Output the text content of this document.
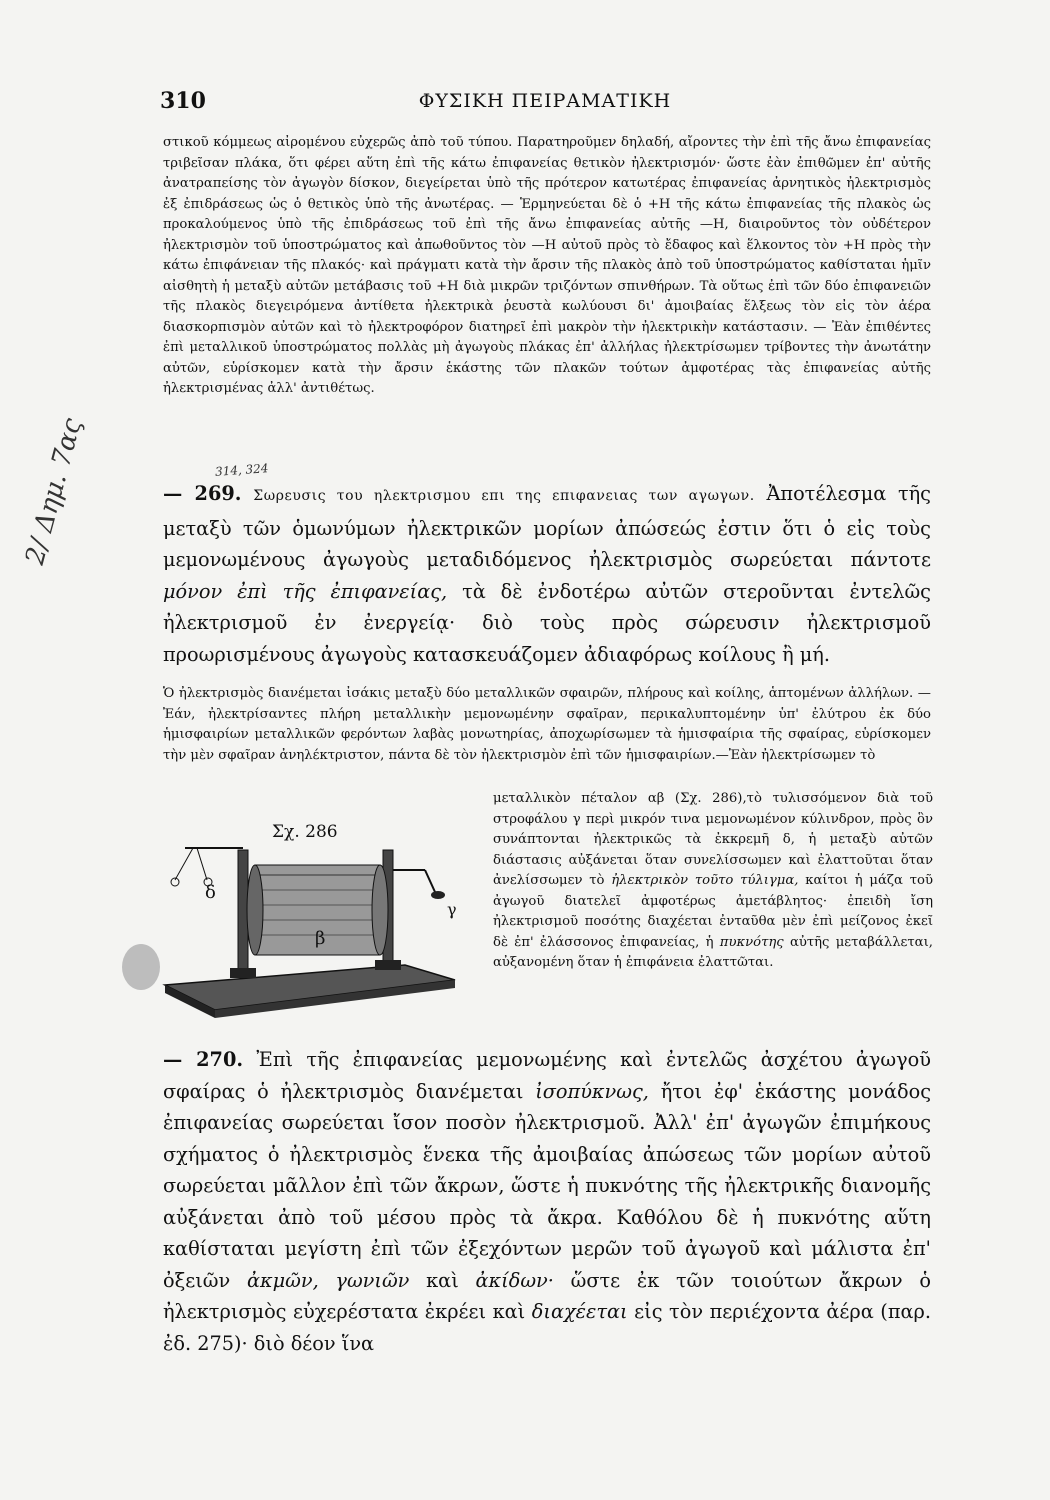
310	ΦΥΣΙΚΗ ΠΕΙΡΑΜΑΤΙΚΗ

στικοῦ κόμμεως αἰρομένου εὐχερῶς ἀπὸ τοῦ τύπου. Παρατηροῦμεν δηλαδή, αἴροντες τὴν ἐπὶ τῆς ἄνω ἐπιφανείας τριβεῖσαν πλάκα, ὅτι φέρει αὕτη ἐπὶ τῆς κάτω ἐπιφανείας θετικὸν ἠλεκτρισμόν· ὥστε ἐὰν ἐπιθῶμεν ἐπ' αὐτῆς ἀνατραπείσης τὸν ἀγωγὸν δίσκον, διεγείρεται ὑπὸ τῆς πρότερον κατωτέρας ἐπιφανείας ἀρνητικὸς ἠλεκτρισμὸς ἐξ ἐπιδράσεως ὡς ὁ θετικὸς ὑπὸ τῆς ἀνωτέρας. — Ἑρμηνεύεται δὲ ὁ +Η τῆς κάτω ἐπιφανείας τῆς πλακὸς ὡς προκαλούμενος ὑπὸ τῆς ἐπιδράσεως τοῦ ἐπὶ τῆς ἄνω ἐπιφανείας αὐτῆς —Η, διαιροῦντος τὸν οὐδέτερον ἠλεκτρισμὸν τοῦ ὑποστρώματος καὶ ἀπωθοῦντος τὸν —Η αὐτοῦ πρὸς τὸ ἔδαφος καὶ ἕλκοντος τὸν +Η πρὸς τὴν κάτω ἐπιφάνειαν τῆς πλακός· καὶ πράγματι κατὰ τὴν ἄρσιν τῆς πλακὸς ἀπὸ τοῦ ὑποστρώματος καθίσταται ἡμῖν αἰσθητὴ ἡ μεταξὺ αὐτῶν μετάβασις τοῦ +Η διὰ μικρῶν τριζόντων σπινθήρων. Τὰ οὕτως ἐπὶ τῶν δύο ἐπιφανειῶν τῆς πλακὸς διεγειρόμενα ἀντίθετα ἠλεκτρικὰ ῥευστὰ κωλύουσι δι' ἀμοιβαίας ἕλξεως τὸν εἰς τὸν ἀέρα διασκορπισμὸν αὐτῶν καὶ τὸ ἠλεκτροφόρον διατηρεῖ ἐπὶ μακρὸν τὴν ἠλεκτρικὴν κατάστασιν. — Ἐὰν ἐπιθέντες ἐπὶ μεταλλικοῦ ὑποστρώματος πολλὰς μὴ ἀγωγοὺς πλάκας ἐπ' ἀλλήλας ἠλεκτρίσωμεν τρίβοντες τὴν ἀνωτάτην αὐτῶν, εὑρίσκομεν κατὰ τὴν ἄρσιν ἑκάστης τῶν πλακῶν τούτων ἀμφοτέρας τὰς ἐπιφανείας αὐτῆς ἠλεκτρισμένας ἀλλ' ἀντιθέτως.

314, 324

— 269. Σωρευσις του ηλεκτρισμου επι της επιφανειας των αγωγων. Ἀποτέλεσμα τῆς μεταξὺ τῶν ὁμωνύμων ἠλεκτρικῶν μορίων ἀπώσεώς ἐστιν ὅτι ὁ εἰς τοὺς μεμονωμένους ἀγωγοὺς μεταδιδόμενος ἠλεκτρισμὸς σωρεύεται πάντοτε μόνον ἐπὶ τῆς ἐπιφανείας, τὰ δὲ ἐνδοτέρω αὐτῶν στεροῦνται ἐντελῶς ἠλεκτρισμοῦ ἐν ἐνεργείᾳ· διὸ τοὺς πρὸς σώρευσιν ἠλεκτρισμοῦ προωρισμένους ἀγωγοὺς κατασκευάζομεν ἀδιαφόρως κοίλους ἢ μή.

Ὁ ἠλεκτρισμὸς διανέμεται ἰσάκις μεταξὺ δύο μεταλλικῶν σφαιρῶν, πλήρους καὶ κοίλης, ἁπτομένων ἀλλήλων. — Ἐάν, ἠλεκτρίσαντες πλήρη μεταλλικὴν μεμονωμένην σφαῖραν, περικαλυπτομένην ὑπ' ἐλύτρου ἐκ δύο ἡμισφαιρίων μεταλλικῶν φερόντων λαβὰς μονωτηρίας, ἀποχωρίσωμεν τὰ ἡμισφαίρια τῆς σφαίρας, εὑρίσκομεν τὴν μὲν σφαῖραν ἀνηλέκτριστον, πάντα δὲ τὸν ἠλεκτρισμὸν ἐπὶ τῶν ἡμισφαιρίων.—Ἐὰν ἠλεκτρίσωμεν τὸ

Σχ. 286
δ
β
γ

μεταλλικὸν πέταλον αβ (Σχ. 286),τὸ τυλισσόμενον διὰ τοῦ στροφάλου γ περὶ μικρόν τινα μεμονωμένον κύλινδρον, πρὸς ὃν συνάπτονται ἠλεκτρικῶς τὰ ἐκκρεμῆ δ, ἡ μεταξὺ αὐτῶν διάστασις αὐξάνεται ὅταν συνελίσσωμεν καὶ ἐλαττοῦται ὅταν ἀνελίσσωμεν τὸ ἠλεκτρικὸν τοῦτο τύλιγμα, καίτοι ἡ μάζα τοῦ ἀγωγοῦ διατελεῖ ἀμφοτέρως ἀμετάβλητος· ἐπειδὴ ἴση ἠλεκτρισμοῦ ποσότης διαχέεται ἐνταῦθα μὲν ἐπὶ μείζονος ἐκεῖ δὲ ἐπ' ἐλάσσονος ἐπιφανείας, ἡ πυκνότης αὐτῆς μεταβάλλεται, αὐξανομένη ὅταν ἡ ἐπιφάνεια ἐλαττῶται.

— 270. Ἐπὶ τῆς ἐπιφανείας μεμονωμένης καὶ ἐντελῶς ἀσχέτου ἀγωγοῦ σφαίρας ὁ ἠλεκτρισμὸς διανέμεται ἰσοπύκνως, ἤτοι ἐφ' ἑκάστης μονάδος ἐπιφανείας σωρεύεται ἴσον ποσὸν ἠλεκτρισμοῦ. Ἀλλ' ἐπ' ἀγωγῶν ἐπιμήκους σχήματος ὁ ἠλεκτρισμὸς ἕνεκα τῆς ἀμοιβαίας ἀπώσεως τῶν μορίων αὐτοῦ σωρεύεται μᾶλλον ἐπὶ τῶν ἄκρων, ὥστε ἡ πυκνότης τῆς ἠλεκτρικῆς διανομῆς αὐξάνεται ἀπὸ τοῦ μέσου πρὸς τὰ ἄκρα. Καθόλου δὲ ἡ πυκνότης αὕτη καθίσταται μεγίστη ἐπὶ τῶν ἐξεχόντων μερῶν τοῦ ἀγωγοῦ καὶ μάλιστα ἐπ' ὀξειῶν ἀκμῶν, γωνιῶν καὶ ἀκίδων· ὥστε ἐκ τῶν τοιούτων ἄκρων ὁ ἠλεκτρισμὸς εὐχερέστατα ἐκρέει καὶ διαχέεται εἰς τὸν περιέχοντα ἀέρα (παρ. ἐδ. 275)· διὸ δέον ἵνα

2/ Δημ. 7ας
